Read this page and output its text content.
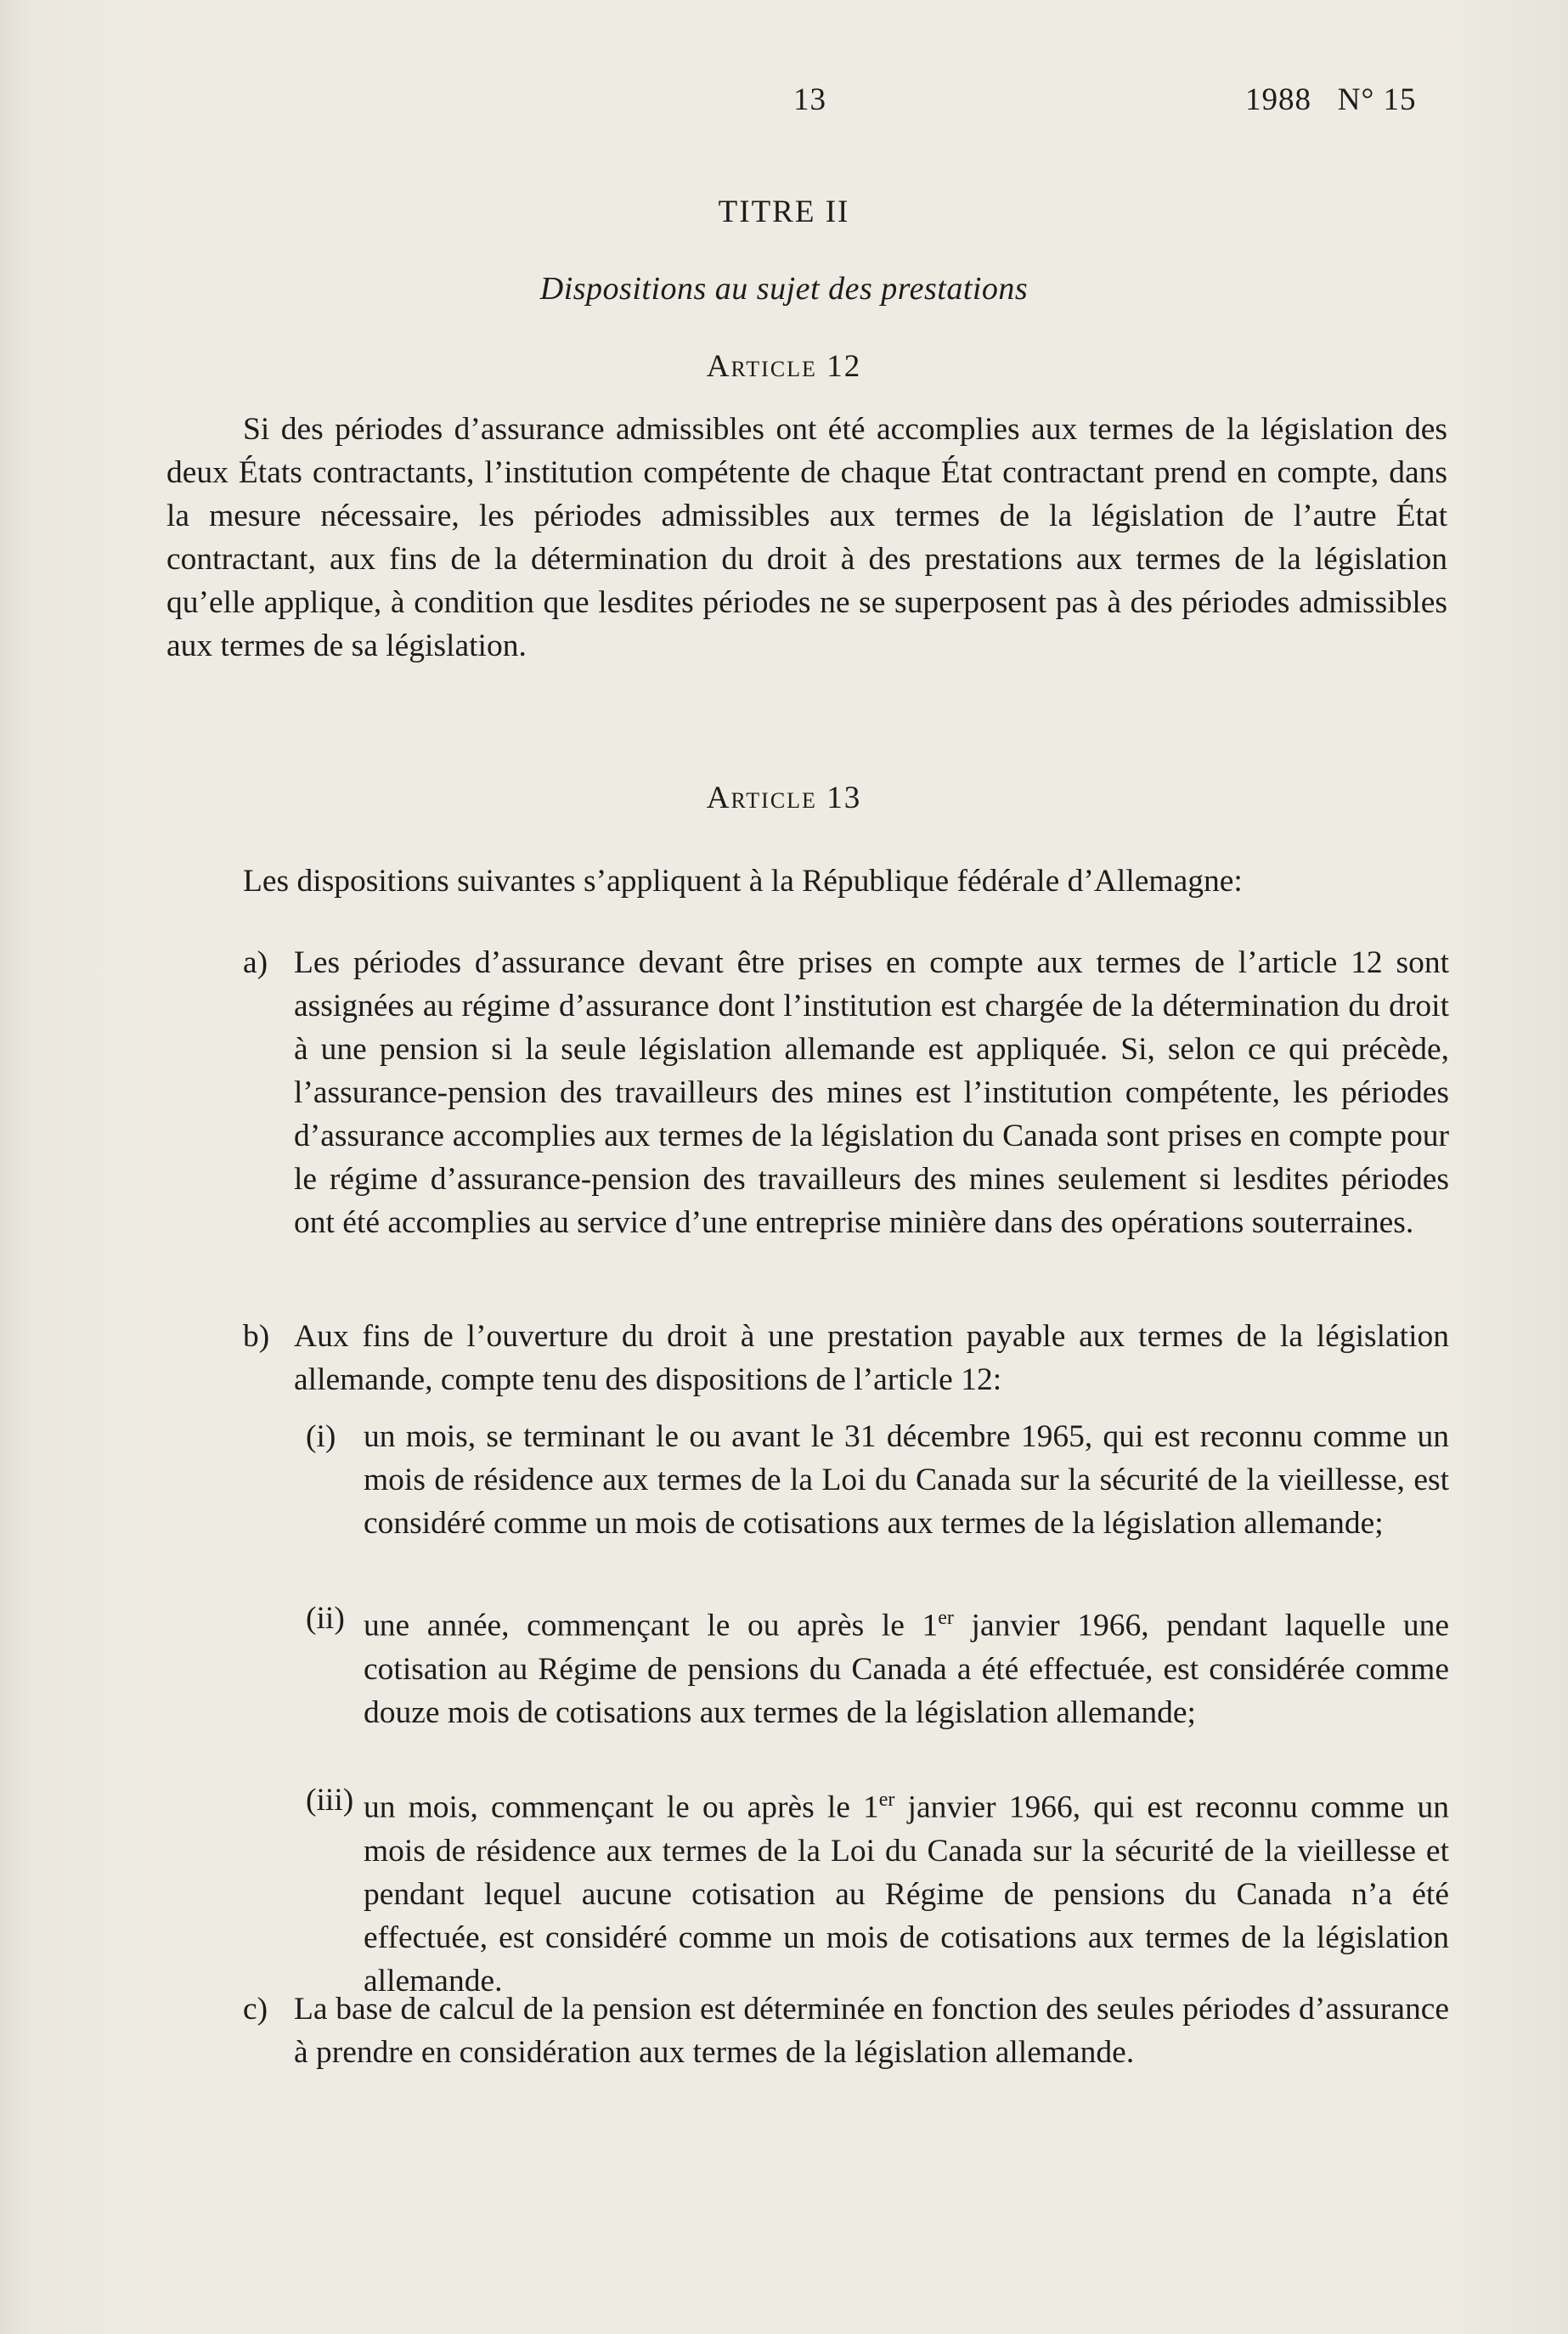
13	1988   N° 15
TITRE II
Dispositions au sujet des prestations
Article 12

Si des périodes d’assurance admissibles ont été accomplies aux termes de la législation des deux États contractants, l’institution compétente de chaque État contractant prend en compte, dans la mesure nécessaire, les périodes admissibles aux termes de la législation de l’autre État contractant, aux fins de la détermination du droit à des prestations aux termes de la législation qu’elle applique, à condition que lesdites périodes ne se superposent pas à des périodes admissibles aux termes de sa législation.

Article 13

Les dispositions suivantes s’appliquent à la République fédérale d’Allemagne:

a) Les périodes d’assurance devant être prises en compte aux termes de l’article 12 sont assignées au régime d’assurance dont l’institution est chargée de la détermination du droit à une pension si la seule législation allemande est appliquée. Si, selon ce qui précède, l’assurance-pension des travailleurs des mines est l’institution compétente, les périodes d’assurance accomplies aux termes de la législation du Canada sont prises en compte pour le régime d’assurance-pension des travailleurs des mines seulement si lesdites périodes ont été accomplies au service d’une entreprise minière dans des opérations souterraines.

b) Aux fins de l’ouverture du droit à une prestation payable aux termes de la législation allemande, compte tenu des dispositions de l’article 12:

(i) un mois, se terminant le ou avant le 31 décembre 1965, qui est reconnu comme un mois de résidence aux termes de la Loi du Canada sur la sécurité de la vieillesse, est considéré comme un mois de cotisations aux termes de la législation allemande;

(ii) une année, commençant le ou après le 1er janvier 1966, pendant laquelle une cotisation au Régime de pensions du Canada a été effectuée, est considérée comme douze mois de cotisations aux termes de la législation allemande;

(iii) un mois, commençant le ou après le 1er janvier 1966, qui est reconnu comme un mois de résidence aux termes de la Loi du Canada sur la sécurité de la vieillesse et pendant lequel aucune cotisation au Régime de pensions du Canada n’a été effectuée, est considéré comme un mois de cotisations aux termes de la législation allemande.

c) La base de calcul de la pension est déterminée en fonction des seules périodes d’assurance à prendre en considération aux termes de la législation allemande.
